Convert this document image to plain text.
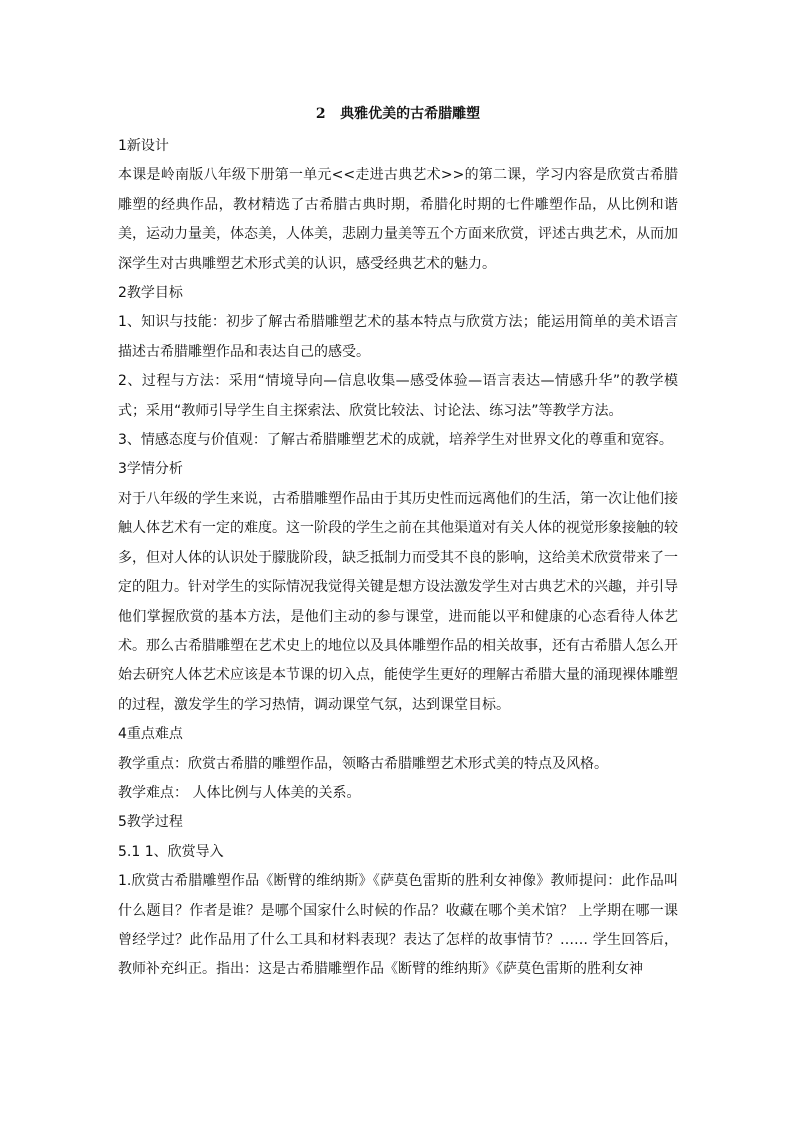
2   典雅优美的古希腊雕塑

1新设计

本课是岭南版八年级下册第一单元<<走进古典艺术>>的第二课，学习内容是欣赏古希腊雕塑的经典作品，教材精选了古希腊古典时期，希腊化时期的七件雕塑作品，从比例和谐美，运动力量美，体态美，人体美，悲剧力量美等五个方面来欣赏，评述古典艺术，从而加深学生对古典雕塑艺术形式美的认识，感受经典艺术的魅力。

2教学目标

1、知识与技能：初步了解古希腊雕塑艺术的基本特点与欣赏方法；能运用简单的美术语言描述古希腊雕塑作品和表达自己的感受。

2、过程与方法：采用“情境导向—信息收集—感受体验—语言表达—情感升华”的教学模式；采用“教师引导学生自主探索法、欣赏比较法、讨论法、练习法”等教学方法。

3、情感态度与价值观：了解古希腊雕塑艺术的成就，培养学生对世界文化的尊重和宽容。

3学情分析

对于八年级的学生来说，古希腊雕塑作品由于其历史性而远离他们的生活，第一次让他们接触人体艺术有一定的难度。这一阶段的学生之前在其他渠道对有关人体的视觉形象接触的较多，但对人体的认识处于朦胧阶段，缺乏抵制力而受其不良的影响，这给美术欣赏带来了一定的阻力。针对学生的实际情况我觉得关键是想方设法激发学生对古典艺术的兴趣，并引导他们掌握欣赏的基本方法，是他们主动的参与课堂，进而能以平和健康的心态看待人体艺术。那么古希腊雕塑在艺术史上的地位以及具体雕塑作品的相关故事，还有古希腊人怎么开始去研究人体艺术应该是本节课的切入点，能使学生更好的理解古希腊大量的涌现裸体雕塑的过程，激发学生的学习热情，调动课堂气氛，达到课堂目标。

4重点难点

教学重点：欣赏古希腊的雕塑作品，领略古希腊雕塑艺术形式美的特点及风格。

教学难点： 人体比例与人体美的关系。

5教学过程

5.1 1、欣赏导入

1.欣赏古希腊雕塑作品《断臂的维纳斯》《萨莫色雷斯的胜利女神像》教师提问：此作品叫什么题目？作者是谁？是哪个国家什么时候的作品？收藏在哪个美术馆？ 上学期在哪一课曾经学过？此作品用了什么工具和材料表现？表达了怎样的故事情节？…… 学生回答后，教师补充纠正。指出：这是古希腊雕塑作品《断臂的维纳斯》《萨莫色雷斯的胜利女神
